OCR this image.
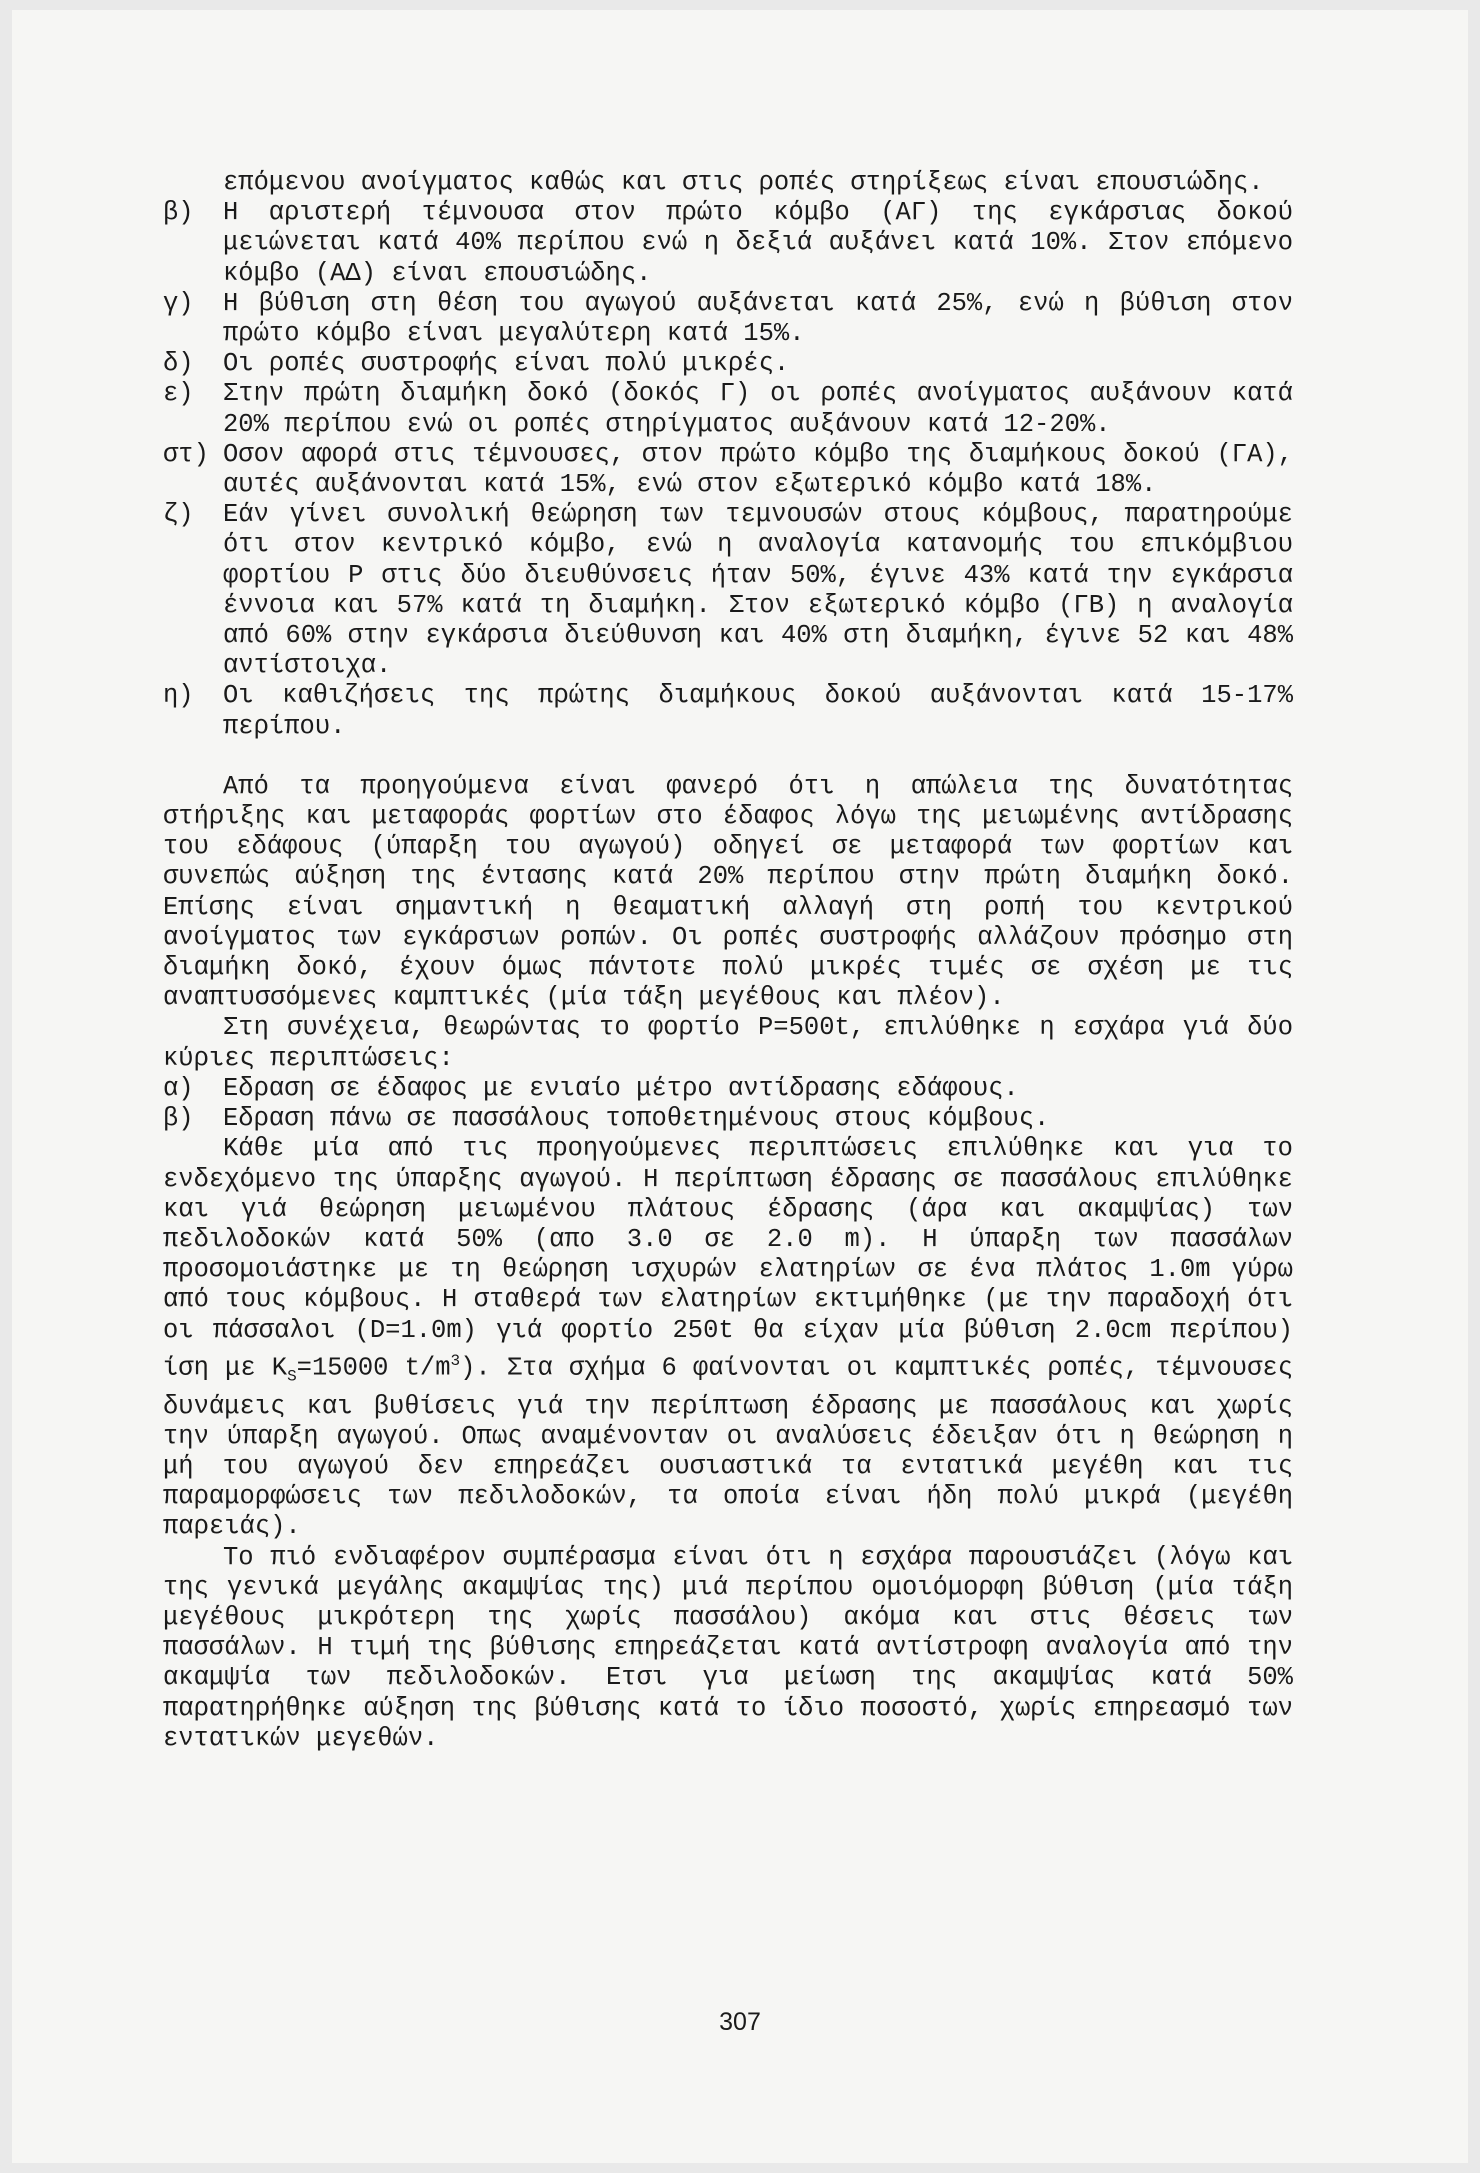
επόμενου ανοίγματος καθώς και στις ροπές στηρίξεως είναι επουσιώδης.
β)	Η αριστερή τέμνουσα στον πρώτο κόμβο (ΑΓ) της εγκάρσιας δοκού μειώνεται κατά 40% περίπου ενώ η δεξιά αυξάνει κατά 10%. Στον επόμενο κόμβο (ΑΔ) είναι επουσιώδης.
γ)	Η βύθιση στη θέση του αγωγού αυξάνεται κατά 25%, ενώ η βύθιση στον πρώτο κόμβο είναι μεγαλύτερη κατά 15%.
δ)	Οι ροπές συστροφής είναι πολύ μικρές.
ε)	Στην πρώτη διαμήκη δοκό (δοκός Γ) οι ροπές ανοίγματος αυξάνουν κατά 20% περίπου ενώ οι ροπές στηρίγματος αυξάνουν κατά 12-20%.
στ) Οσον αφορά στις τέμνουσες, στον πρώτο κόμβο της διαμήκους δοκού (ΓΑ), αυτές αυξάνονται κατά 15%, ενώ στον εξωτερικό κόμβο κατά 18%.
ζ)	Εάν γίνει συνολική θεώρηση των τεμνουσών στους κόμβους, παρατηρούμε ότι στον κεντρικό κόμβο, ενώ η αναλογία κατανομής του επικόμβιου φορτίου P στις δύο διευθύνσεις ήταν 50%, έγινε 43% κατά την εγκάρσια έννοια και 57% κατά τη διαμήκη. Στον εξωτερικό κόμβο (ΓΒ) η αναλογία από 60% στην εγκάρσια διεύθυνση και 40% στη διαμήκη, έγινε 52 και 48% αντίστοιχα.
η)	Οι καθιζήσεις της πρώτης διαμήκους δοκού αυξάνονται κατά 15-17% περίπου.

Από τα προηγούμενα είναι φανερό ότι η απώλεια της δυνατότητας στήριξης και μεταφοράς φορτίων στο έδαφος λόγω της μειωμένης αντίδρασης του εδάφους (ύπαρξη του αγωγού) οδηγεί σε μεταφορά των φορτίων και συνεπώς αύξηση της έντασης κατά 20% περίπου στην πρώτη διαμήκη δοκό. Επίσης είναι σημαντική η θεαματική αλλαγή στη ροπή του κεντρικού ανοίγματος των εγκάρσιων ροπών. Οι ροπές συστροφής αλλάζουν πρόσημο στη διαμήκη δοκό, έχουν όμως πάντοτε πολύ μικρές τιμές σε σχέση με τις αναπτυσσόμενες καμπτικές (μία τάξη μεγέθους και πλέον).

Στη συνέχεια, θεωρώντας το φορτίο P=500t, επιλύθηκε η εσχάρα γιά δύο κύριες περιπτώσεις:

α)	Εδραση σε έδαφος με ενιαίο μέτρο αντίδρασης εδάφους.
β)	Εδραση πάνω σε πασσάλους τοποθετημένους στους κόμβους.

Κάθε μία από τις προηγούμενες περιπτώσεις επιλύθηκε και για το ενδεχόμενο της ύπαρξης αγωγού. Η περίπτωση έδρασης σε πασσάλους επιλύθηκε και γιά θεώρηση μειωμένου πλάτους έδρασης (άρα και ακαμψίας) των πεδιλοδοκών κατά 50% (απο 3.0 σε 2.0 m). Η ύπαρξη των πασσάλων προσομοιάστηκε με τη θεώρηση ισχυρών ελατηρίων σε ένα πλάτος 1.0m γύρω από τους κόμβους. Η σταθερά των ελατηρίων εκτιμήθηκε (με την παραδοχή ότι οι πάσσαλοι (D=1.0m) γιά φορτίο 250t θα είχαν μία βύθιση 2.0cm περίπου) ίση με $K_S=15000$ $t/m^3$). Στα σχήμα 6 φαίνονται οι καμπτικές ροπές, τέμνουσες δυνάμεις και βυθίσεις γιά την περίπτωση έδρασης με πασσάλους και χωρίς την ύπαρξη αγωγού. Οπως αναμένονταν οι αναλύσεις έδειξαν ότι η θεώρηση η μή του αγωγού δεν επηρεάζει ουσιαστικά τα εντατικά μεγέθη και τις παραμορφώσεις των πεδιλοδοκών, τα οποία είναι ήδη πολύ μικρά (μεγέθη παρειάς).

Το πιό ενδιαφέρον συμπέρασμα είναι ότι η εσχάρα παρουσιάζει (λόγω και της γενικά μεγάλης ακαμψίας της) μιά περίπου ομοιόμορφη βύθιση (μία τάξη μεγέθους μικρότερη της χωρίς πασσάλου) ακόμα και στις θέσεις των πασσάλων. Η τιμή της βύθισης επηρεάζεται κατά αντίστροφη αναλογία από την ακαμψία των πεδιλοδοκών. Ετσι για μείωση της ακαμψίας κατά 50% παρατηρήθηκε αύξηση της βύθισης κατά το ίδιο ποσοστό, χωρίς επηρεασμό των εντατικών μεγεθών.

307
